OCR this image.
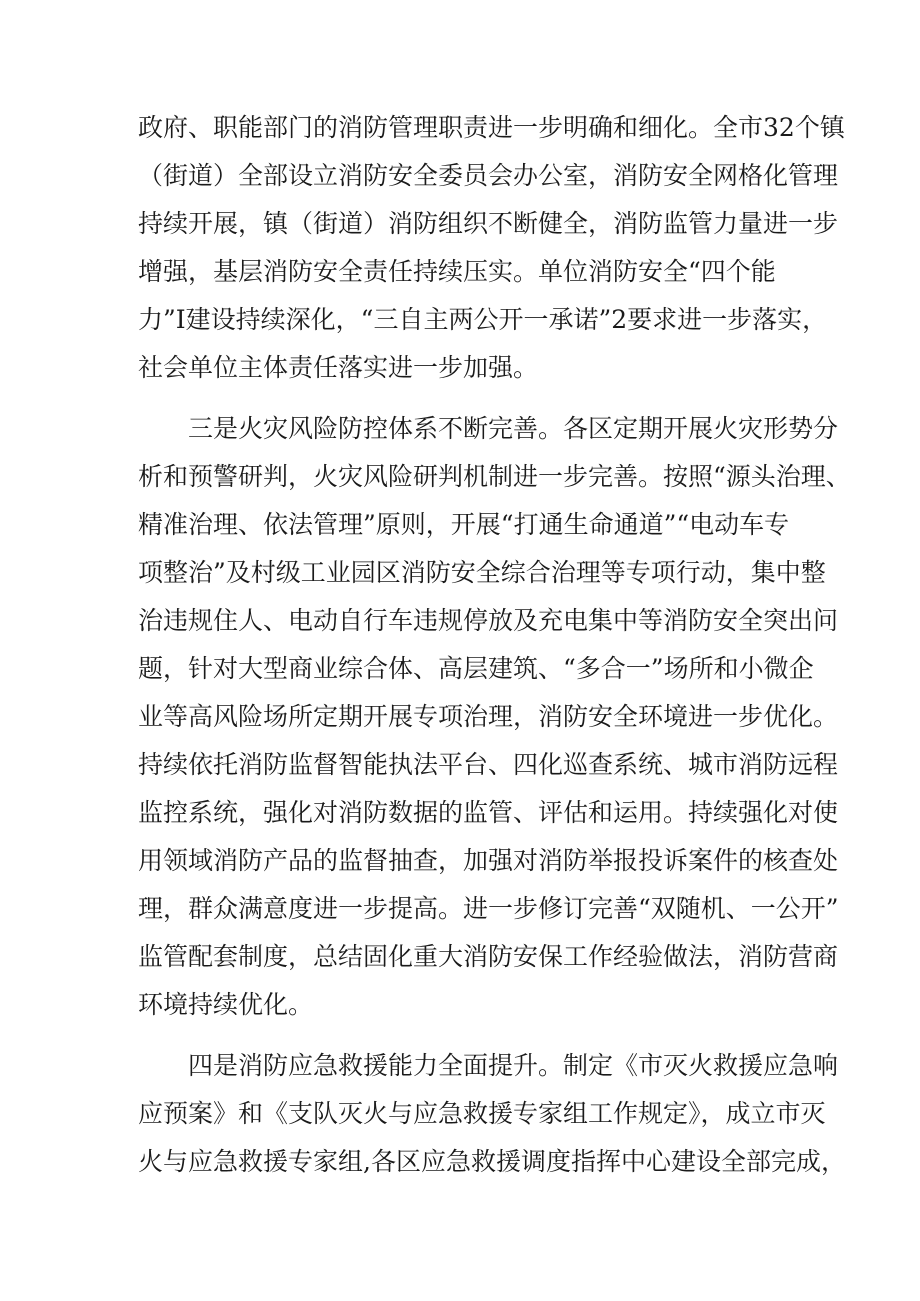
政府、职能部门的消防管理职责进一步明确和细化。全市32个镇
（街道）全部设立消防安全委员会办公室，消防安全网格化管理
持续开展，镇（街道）消防组织不断健全，消防监管力量进一步
增强，基层消防安全责任持续压实。单位消防安全“四个能
力”I建设持续深化，“三自主两公开一承诺”2要求进一步落实，
社会单位主体责任落实进一步加强。
三是火灾风险防控体系不断完善。各区定期开展火灾形势分
析和预警研判，火灾风险研判机制进一步完善。按照“源头治理、
精准治理、依法管理”原则，开展“打通生命通道”“电动车专
项整治”及村级工业园区消防安全综合治理等专项行动，集中整
治违规住人、电动自行车违规停放及充电集中等消防安全突出问
题，针对大型商业综合体、高层建筑、“多合一”场所和小微企
业等高风险场所定期开展专项治理，消防安全环境进一步优化。
持续依托消防监督智能执法平台、四化巡查系统、城市消防远程
监控系统，强化对消防数据的监管、评估和运用。持续强化对使
用领域消防产品的监督抽查，加强对消防举报投诉案件的核查处
理，群众满意度进一步提高。进一步修订完善“双随机、一公开”
监管配套制度，总结固化重大消防安保工作经验做法，消防营商
环境持续优化。
四是消防应急救援能力全面提升。制定《市灭火救援应急响
应预案》和《支队灭火与应急救援专家组工作规定》，成立市灭
火与应急救援专家组,各区应急救援调度指挥中心建设全部完成，
